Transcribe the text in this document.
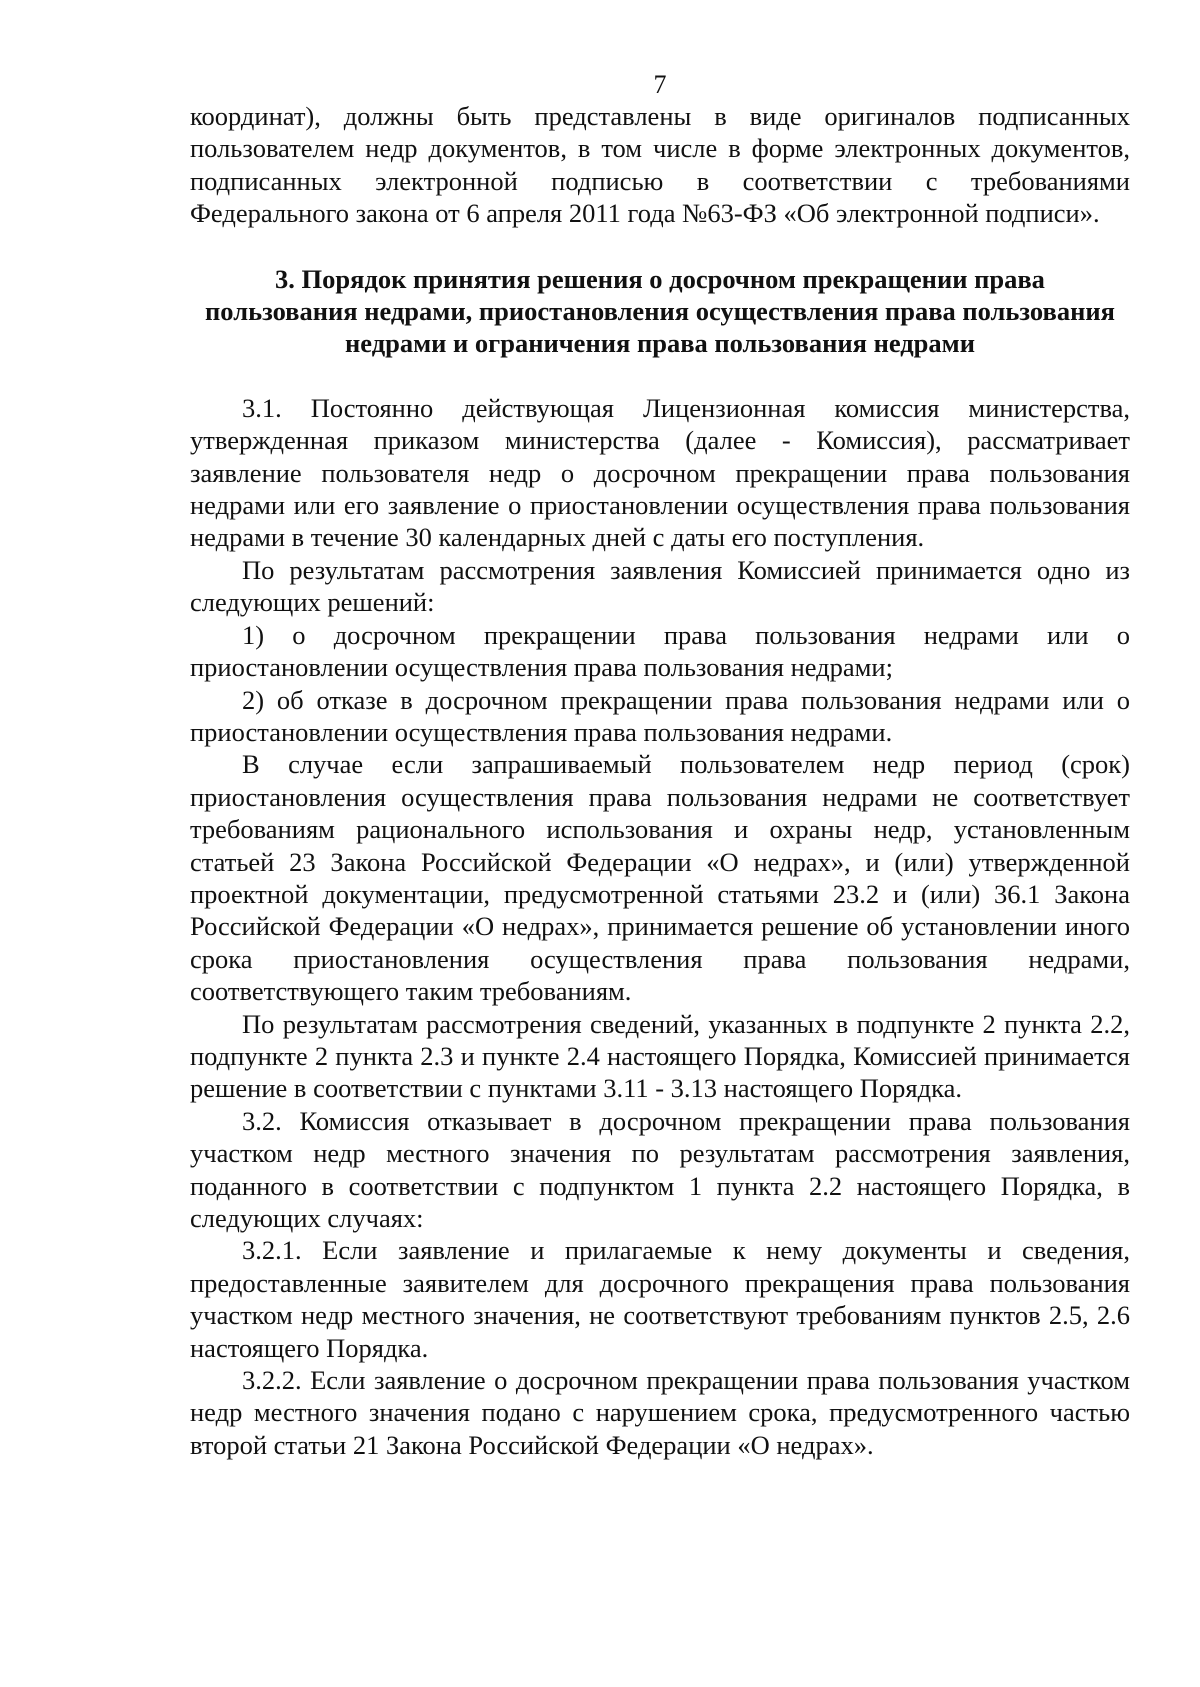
7

координат), должны быть представлены в виде оригиналов подписанных пользователем недр документов, в том числе в форме электронных документов, подписанных электронной подписью в соответствии с требованиями Федерального закона от 6 апреля 2011 года №63-ФЗ «Об электронной подписи».

3. Порядок принятия решения о досрочном прекращении права пользования недрами, приостановления осуществления права пользования недрами и ограничения права пользования недрами

3.1. Постоянно действующая Лицензионная комиссия министерства, утвержденная приказом министерства (далее - Комиссия), рассматривает заявление пользователя недр о досрочном прекращении права пользования недрами или его заявление о приостановлении осуществления права пользования недрами в течение 30 календарных дней с даты его поступления.

По результатам рассмотрения заявления Комиссией принимается одно из следующих решений:

1) о досрочном прекращении права пользования недрами или о приостановлении осуществления права пользования недрами;

2) об отказе в досрочном прекращении права пользования недрами или о приостановлении осуществления права пользования недрами.

В случае если запрашиваемый пользователем недр период (срок) приостановления осуществления права пользования недрами не соответствует требованиям рационального использования и охраны недр, установленным статьей 23 Закона Российской Федерации «О недрах», и (или) утвержденной проектной документации, предусмотренной статьями 23.2 и (или) 36.1 Закона Российской Федерации «О недрах», принимается решение об установлении иного срока приостановления осуществления права пользования недрами, соответствующего таким требованиям.

По результатам рассмотрения сведений, указанных в подпункте 2 пункта 2.2, подпункте 2 пункта 2.3 и пункте 2.4 настоящего Порядка, Комиссией принимается решение в соответствии с пунктами 3.11 - 3.13 настоящего Порядка.

3.2. Комиссия отказывает в досрочном прекращении права пользования участком недр местного значения по результатам рассмотрения заявления, поданного в соответствии с подпунктом 1 пункта 2.2 настоящего Порядка, в следующих случаях:

3.2.1. Если заявление и прилагаемые к нему документы и сведения, предоставленные заявителем для досрочного прекращения права пользования участком недр местного значения, не соответствуют требованиям пунктов 2.5, 2.6 настоящего Порядка.

3.2.2. Если заявление о досрочном прекращении права пользования участком недр местного значения подано с нарушением срока, предусмотренного частью второй статьи 21 Закона Российской Федерации «О недрах».
